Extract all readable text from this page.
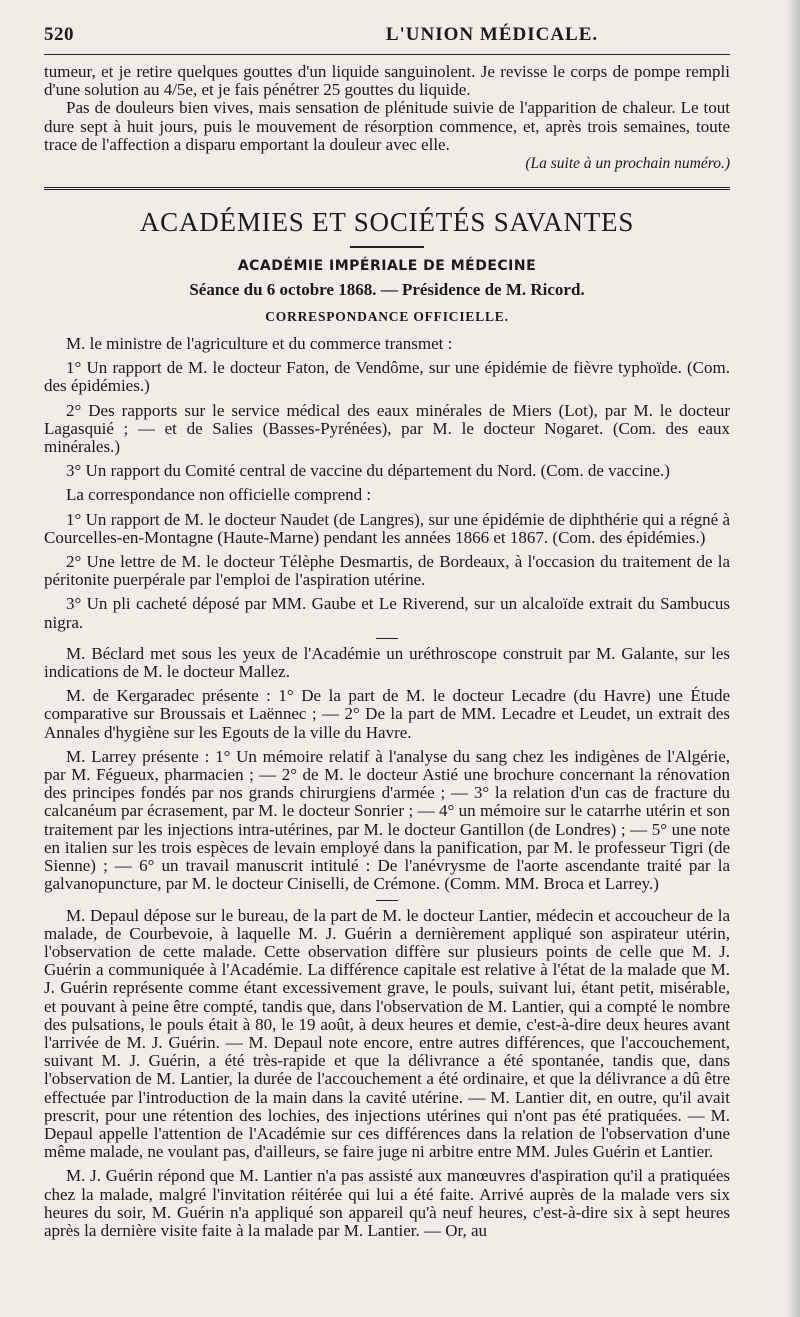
520	L'UNION MÉDICALE.

tumeur, et je retire quelques gouttes d'un liquide sanguinolent. Je revisse le corps de pompe rempli d'une solution au 4/5e, et je fais pénétrer 25 gouttes du liquide.

Pas de douleurs bien vives, mais sensation de plénitude suivie de l'apparition de chaleur. Le tout dure sept à huit jours, puis le mouvement de résorption commence, et, après trois semaines, toute trace de l'affection a disparu emportant la douleur avec elle.

(La suite à un prochain numéro.)
ACADÉMIES ET SOCIÉTÉS SAVANTES
ACADÉMIE IMPÉRIALE DE MÉDECINE
Séance du 6 octobre 1868. — Présidence de M. Ricord.
CORRESPONDANCE OFFICIELLE.

M. le ministre de l'agriculture et du commerce transmet :

1° Un rapport de M. le docteur Faton, de Vendôme, sur une épidémie de fièvre typhoïde. (Com. des épidémies.)

2° Des rapports sur le service médical des eaux minérales de Miers (Lot), par M. le docteur Lagasquié ; — et de Salies (Basses-Pyrénées), par M. le docteur Nogaret. (Com. des eaux minérales.)

3° Un rapport du Comité central de vaccine du département du Nord. (Com. de vaccine.)

La correspondance non officielle comprend :

1° Un rapport de M. le docteur Naudet (de Langres), sur une épidémie de diphthérie qui a régné à Courcelles-en-Montagne (Haute-Marne) pendant les années 1866 et 1867. (Com. des épidémies.)

2° Une lettre de M. le docteur Télèphe Desmartis, de Bordeaux, à l'occasion du traitement de la péritonite puerpérale par l'emploi de l'aspiration utérine.

3° Un pli cacheté déposé par MM. Gaube et Le Riverend, sur un alcaloïde extrait du Sambucus nigra.

M. Béclard met sous les yeux de l'Académie un uréthroscope construit par M. Galante, sur les indications de M. le docteur Mallez.

M. de Kergaradec présente : 1° De la part de M. le docteur Lecadre (du Havre) une Étude comparative sur Broussais et Laënnec ; — 2° De la part de MM. Lecadre et Leudet, un extrait des Annales d'hygiène sur les Egouts de la ville du Havre.

M. Larrey présente : 1° Un mémoire relatif à l'analyse du sang chez les indigènes de l'Algérie, par M. Fégueux, pharmacien ; — 2° de M. le docteur Astié une brochure concernant la rénovation des principes fondés par nos grands chirurgiens d'armée ; — 3° la relation d'un cas de fracture du calcanéum par écrasement, par M. le docteur Sonrier ; — 4° un mémoire sur le catarrhe utérin et son traitement par les injections intra-utérines, par M. le docteur Gantillon (de Londres) ; — 5° une note en italien sur les trois espèces de levain employé dans la panification, par M. le professeur Tigri (de Sienne) ; — 6° un travail manuscrit intitulé : De l'anévrysme de l'aorte ascendante traité par la galvanopuncture, par M. le docteur Ciniselli, de Crémone. (Comm. MM. Broca et Larrey.)

M. Depaul dépose sur le bureau, de la part de M. le docteur Lantier, médecin et accoucheur de la malade, de Courbevoie, à laquelle M. J. Guérin a dernièrement appliqué son aspirateur utérin, l'observation de cette malade. Cette observation diffère sur plusieurs points de celle que M. J. Guérin a communiquée à l'Académie. La différence capitale est relative à l'état de la malade que M. J. Guérin représente comme étant excessivement grave, le pouls, suivant lui, étant petit, misérable, et pouvant à peine être compté, tandis que, dans l'observation de M. Lantier, qui a compté le nombre des pulsations, le pouls était à 80, le 19 août, à deux heures et demie, c'est-à-dire deux heures avant l'arrivée de M. J. Guérin. — M. Depaul note encore, entre autres différences, que l'accouchement, suivant M. J. Guérin, a été très-rapide et que la délivrance a été spontanée, tandis que, dans l'observation de M. Lantier, la durée de l'accouchement a été ordinaire, et que la délivrance a dû être effectuée par l'introduction de la main dans la cavité utérine. — M. Lantier dit, en outre, qu'il avait prescrit, pour une rétention des lochies, des injections utérines qui n'ont pas été pratiquées. — M. Depaul appelle l'attention de l'Académie sur ces différences dans la relation de l'observation d'une même malade, ne voulant pas, d'ailleurs, se faire juge ni arbitre entre MM. Jules Guérin et Lantier.

M. J. Guérin répond que M. Lantier n'a pas assisté aux manœuvres d'aspiration qu'il a pratiquées chez la malade, malgré l'invitation réitérée qui lui a été faite. Arrivé auprès de la malade vers six heures du soir, M. Guérin n'a appliqué son appareil qu'à neuf heures, c'est-à-dire six à sept heures après la dernière visite faite à la malade par M. Lantier. — Or, au
